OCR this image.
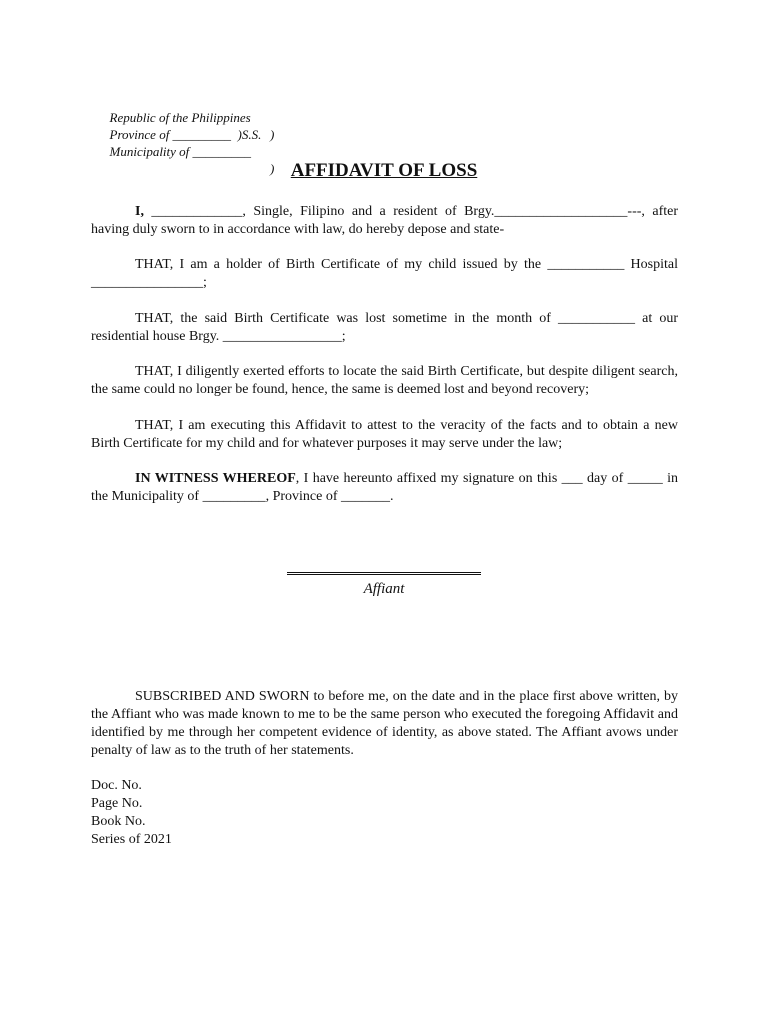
Republic of the Philippines

)

Province of _________  )S.S.

Municipality of _________

)

AFFIDAVIT OF LOSS

I, _____________, Single, Filipino and a resident of Brgy.___________________---, after having duly sworn to in accordance with law, do hereby depose and state-

THAT, I am a holder of Birth Certificate of my child issued by the ___________ Hospital ________________;

THAT, the said Birth Certificate was lost sometime in the month of ___________ at our residential house Brgy. _________________;

THAT, I diligently exerted efforts to locate the said Birth Certificate, but despite diligent search, the same could no longer be found, hence, the same is deemed lost and beyond recovery;

THAT, I am executing this Affidavit to attest to the veracity of the facts and to obtain a new Birth Certificate for my child and for whatever purposes it may serve under the law;

IN WITNESS WHEREOF, I have hereunto affixed my signature on this ___ day of _____ in the Municipality of _________, Province of _______.

Affiant

SUBSCRIBED AND SWORN to before me, on the date and in the place first above written, by the Affiant who was made known to me to be the same person who executed the foregoing Affidavit and identified by me through her competent evidence of identity, as above stated. The Affiant avows under penalty of law as to the truth of her statements.

Doc. No.
Page No.
Book No.
Series of 2021
